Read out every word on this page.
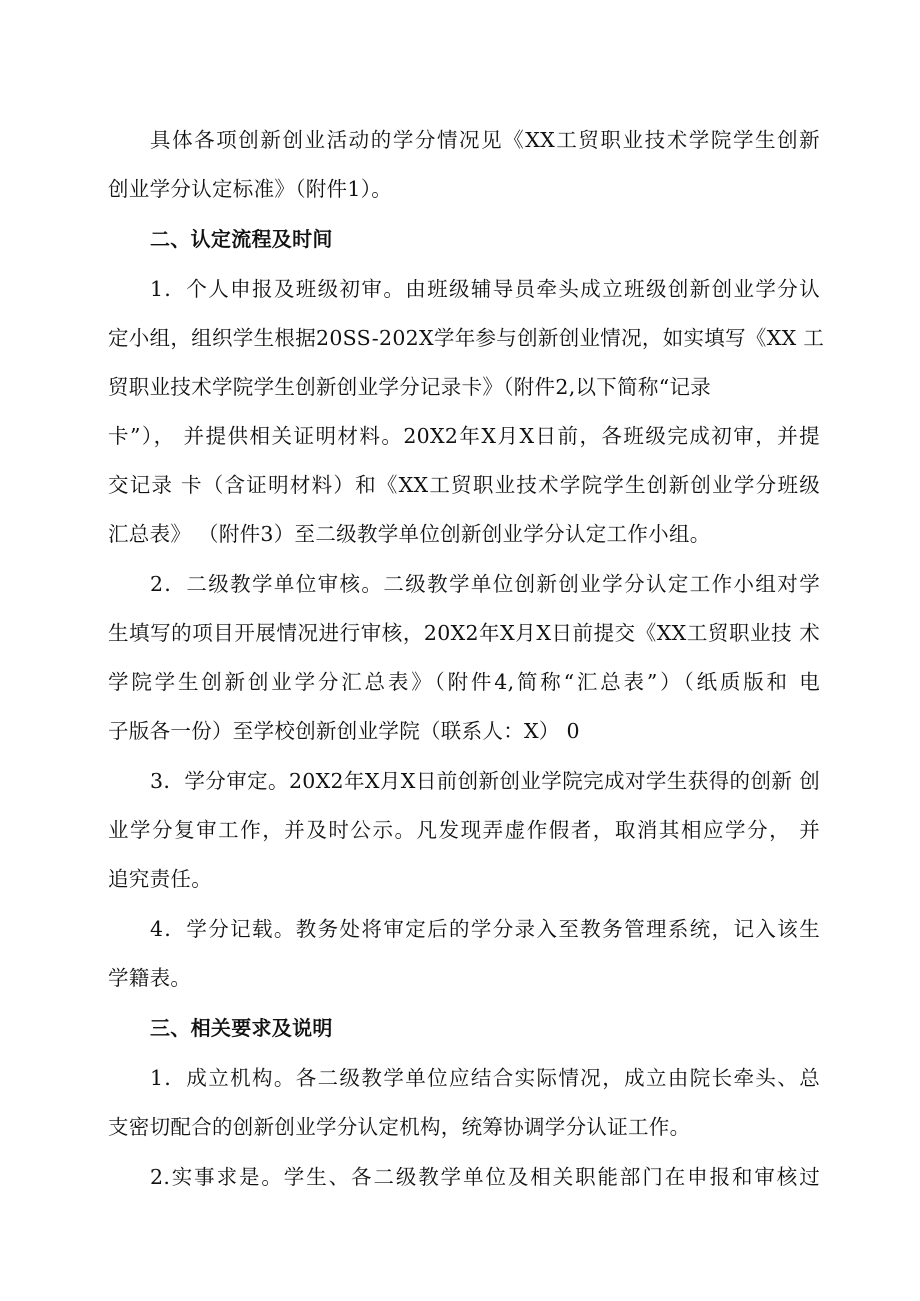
具体各项创新创业活动的学分情况见《XX工贸职业技术学院学生创新
创业学分认定标准》（附件1）。
二、认定流程及时间
1．个人申报及班级初审。由班级辅导员牵头成立班级创新创业学分认
定小组，组织学生根据20SS-202X学年参与创新创业情况，如实填写《XX 工
贸职业技术学院学生创新创业学分记录卡》（附件2,以下简称“记录
卡”）， 并提供相关证明材料。20X2年X月X日前，各班级完成初审，并提
交记录 卡（含证明材料）和《XX工贸职业技术学院学生创新创业学分班级
汇总表》 （附件3）至二级教学单位创新创业学分认定工作小组。
2．二级教学单位审核。二级教学单位创新创业学分认定工作小组对学
生填写的项目开展情况进行审核，20X2年X月X日前提交《XX工贸职业技 术
学院学生创新创业学分汇总表》（附件4,简称“汇总表”）（纸质版和 电
子版各一份）至学校创新创业学院（联系人：X） 0
3．学分审定。20X2年X月X日前创新创业学院完成对学生获得的创新 创
业学分复审工作，并及时公示。凡发现弄虚作假者，取消其相应学分， 并
追究责任。
4．学分记载。教务处将审定后的学分录入至教务管理系统，记入该生
学籍表。
三、相关要求及说明
1．成立机构。各二级教学单位应结合实际情况，成立由院长牵头、总
支密切配合的创新创业学分认定机构，统筹协调学分认证工作。
2.实事求是。学生、各二级教学单位及相关职能部门在申报和审核过
